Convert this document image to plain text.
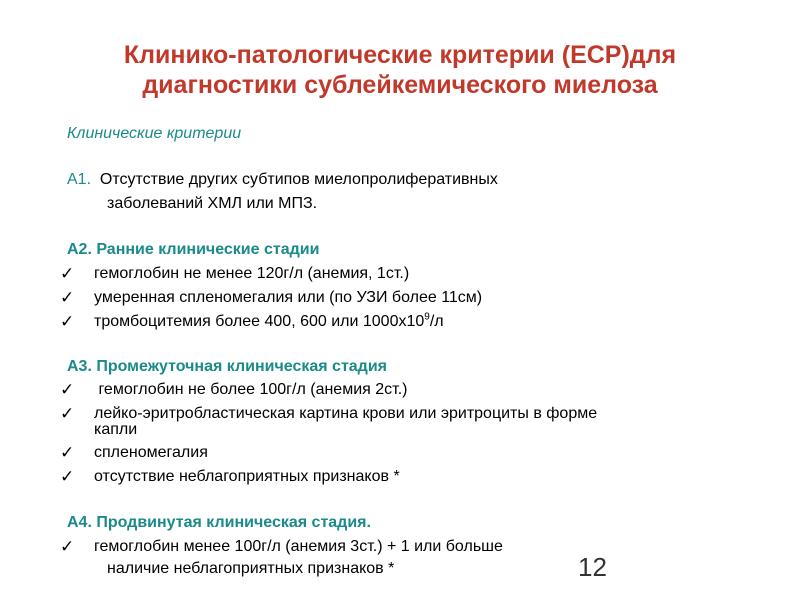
Клинико-патологические критерии (ЕСР)для
диагностики сублейкемического миелоза
Клинические критерии
А1. Отсутствие других субтипов миелопролиферативных
заболеваний ХМЛ или МПЗ.
А2. Ранние клинические стадии
✓ гемоглобин не менее 120г/л (анемия, 1ст.)
✓ умеренная спленомегалия или (по УЗИ более 11см)
✓ тромбоцитемия более 400, 600 или $1000х10^9/л$
А3. Промежуточная клиническая стадия
✓ гемоглобин не более 100г/л (анемия 2ст.)
✓ лейко-эритробластическая картина крови или эритроциты в форме
капли
✓ спленомегалия
✓ отсутствие неблагоприятных признаков *
А4. Продвинутая клиническая стадия.
✓ гемоглобин менее 100г/л (анемия 3ст.) + 1 или больше
наличие неблагоприятных признаков *	12
